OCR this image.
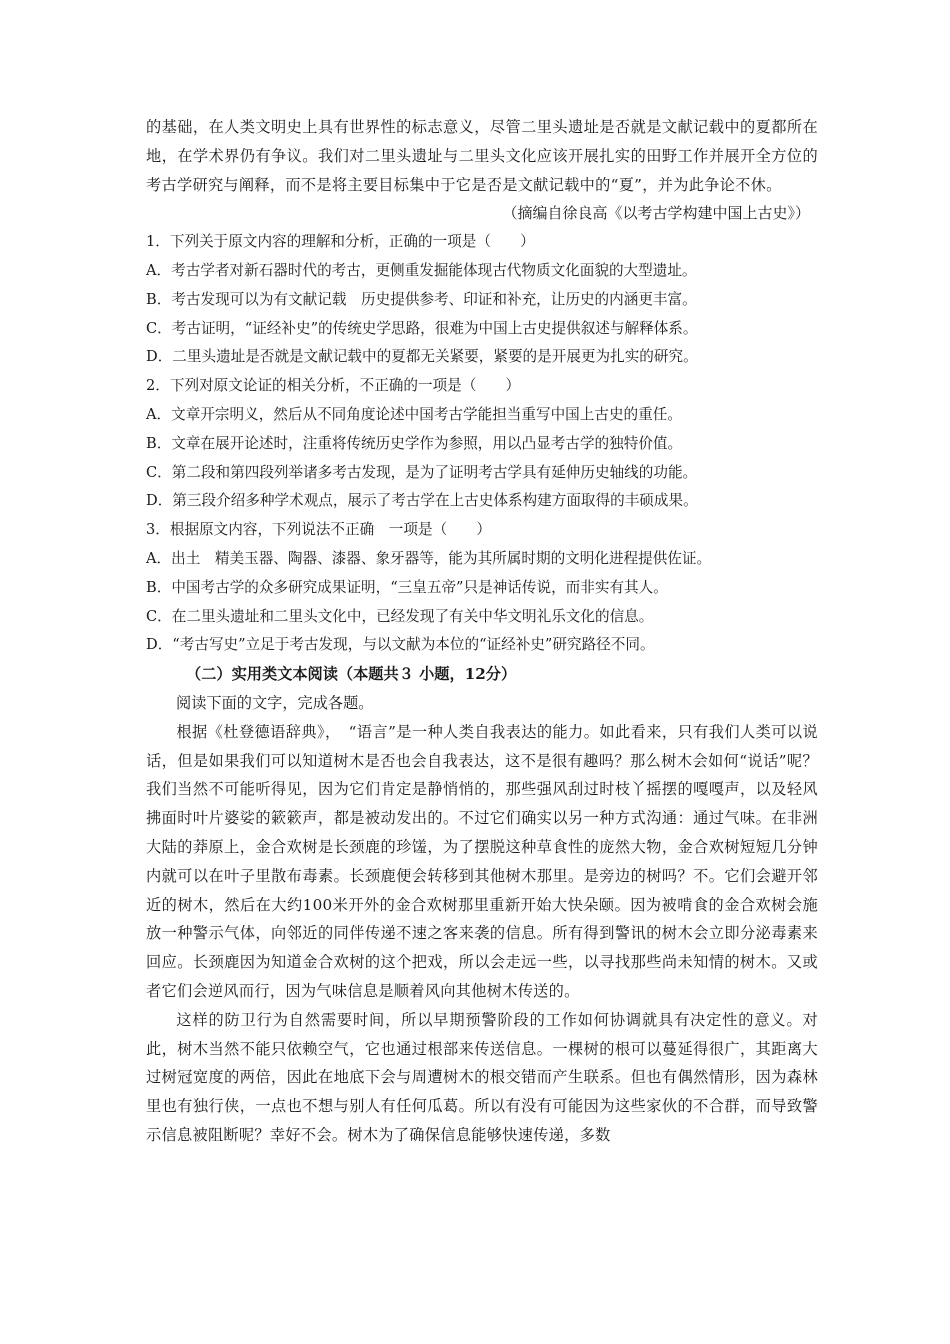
的基础，在人类文明史上具有世界性的标志意义，尽管二里头遗址是否就是文献记载中的夏都所在地，在学术界仍有争议。我们对二里头遗址与二里头文化应该开展扎实的田野工作并展开全方位的考古学研究与阐释，而不是将主要目标集中于它是否是文献记载中的“夏”，并为此争论不休。

（摘编自徐良高《以考古学构建中国上古史》）

1．下列关于原文内容的理解和分析，正确的一项是（　　）

A．考古学者对新石器时代的考古，更侧重发掘能体现古代物质文化面貌的大型遗址。

B．考古发现可以为有文献记载　历史提供参考、印证和补充，让历史的内涵更丰富。

C．考古证明，“证经补史”的传统史学思路，很难为中国上古史提供叙述与解释体系。

D．二里头遗址是否就是文献记载中的夏都无关紧要，紧要的是开展更为扎实的研究。

2．下列对原文论证的相关分析，不正确的一项是（　　）

A．文章开宗明义，然后从不同角度论述中国考古学能担当重写中国上古史的重任。

B．文章在展开论述时，注重将传统历史学作为参照，用以凸显考古学的独特价值。

C．第二段和第四段列举诸多考古发现，是为了证明考古学具有延伸历史轴线的功能。

D．第三段介绍多种学术观点，展示了考古学在上古史体系构建方面取得的丰硕成果。

3．根据原文内容，下列说法不正确　一项是（　　）

A．出土　精美玉器、陶器、漆器、象牙器等，能为其所属时期的文明化进程提供佐证。

B．中国考古学的众多研究成果证明，“三皇五帝”只是神话传说，而非实有其人。

C．在二里头遗址和二里头文化中，已经发现了有关中华文明礼乐文化的信息。

D．“考古写史”立足于考古发现，与以文献为本位的“证经补史”研究路径不同。

（二）实用类文本阅读（本题共３ 小题，12分）

阅读下面的文字，完成各题。

根据《杜登德语辞典》，　“语言”是一种人类自我表达的能力。如此看来，只有我们人类可以说话，但是如果我们可以知道树木是否也会自我表达，这不是很有趣吗？那么树木会如何“说话”呢？我们当然不可能听得见，因为它们肯定是静悄悄的，那些强风刮过时枝丫摇摆的嘎嘎声，以及轻风拂面时叶片婆娑的簌簌声，都是被动发出的。不过它们确实以另一种方式沟通：通过气味。在非洲大陆的莽原上，金合欢树是长颈鹿的珍馐，为了摆脱这种草食性的庞然大物，金合欢树短短几分钟内就可以在叶子里散布毒素。长颈鹿便会转移到其他树木那里。是旁边的树吗？不。它们会避开邻近的树木，然后在大约100米开外的金合欢树那里重新开始大快朵颐。因为被啃食的金合欢树会施放一种警示气体，向邻近的同伴传递不速之客来袭的信息。所有得到警讯的树木会立即分泌毒素来回应。长颈鹿因为知道金合欢树的这个把戏，所以会走远一些，以寻找那些尚未知情的树木。又或者它们会逆风而行，因为气味信息是顺着风向其他树木传送的。

这样的防卫行为自然需要时间，所以早期预警阶段的工作如何协调就具有决定性的意义。对此，树木当然不能只依赖空气，它也通过根部来传送信息。一棵树的根可以蔓延得很广，其距离大过树冠宽度的两倍，因此在地底下会与周遭树木的根交错而产生联系。但也有偶然情形，因为森林里也有独行侠，一点也不想与别人有任何瓜葛。所以有没有可能因为这些家伙的不合群，而导致警示信息被阻断呢？幸好不会。树木为了确保信息能够快速传递，多数
